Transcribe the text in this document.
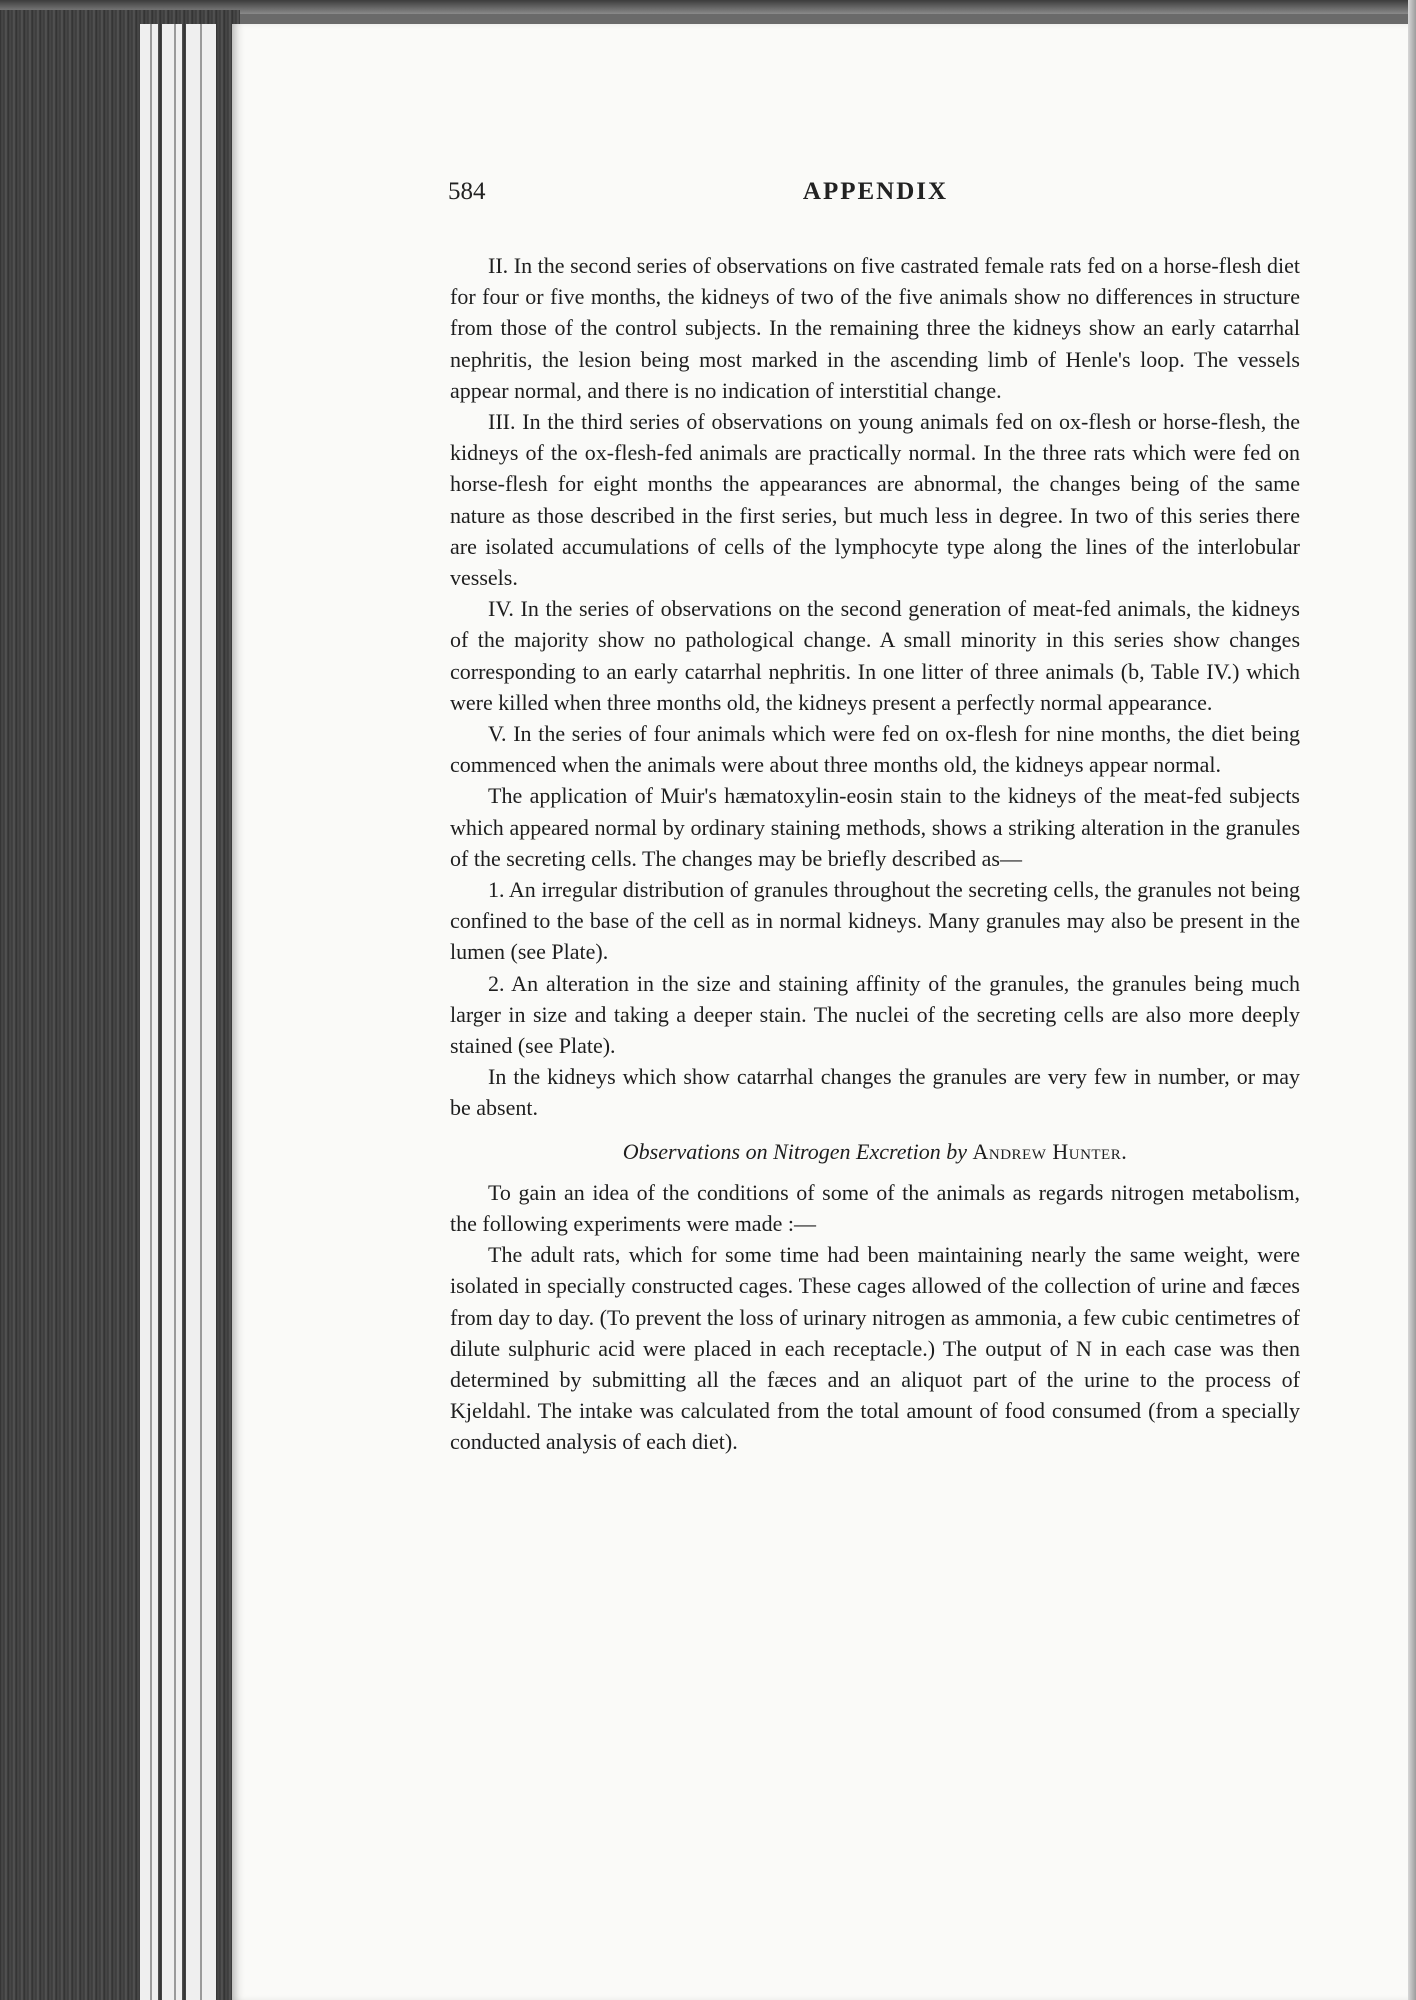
584	APPENDIX

II. In the second series of observations on five castrated female rats fed on a horse-flesh diet for four or five months, the kidneys of two of the five animals show no differences in structure from those of the control subjects. In the remaining three the kidneys show an early catarrhal nephritis, the lesion being most marked in the ascending limb of Henle's loop. The vessels appear normal, and there is no indication of interstitial change.

III. In the third series of observations on young animals fed on ox-flesh or horse-flesh, the kidneys of the ox-flesh-fed animals are practically normal. In the three rats which were fed on horse-flesh for eight months the appearances are abnormal, the changes being of the same nature as those described in the first series, but much less in degree. In two of this series there are isolated accumulations of cells of the lymphocyte type along the lines of the interlobular vessels.

IV. In the series of observations on the second generation of meat-fed animals, the kidneys of the majority show no pathological change. A small minority in this series show changes corresponding to an early catarrhal nephritis. In one litter of three animals (b, Table IV.) which were killed when three months old, the kidneys present a perfectly normal appearance.

V. In the series of four animals which were fed on ox-flesh for nine months, the diet being commenced when the animals were about three months old, the kidneys appear normal.

The application of Muir's hæmatoxylin-eosin stain to the kidneys of the meat-fed subjects which appeared normal by ordinary staining methods, shows a striking alteration in the granules of the secreting cells. The changes may be briefly described as—

1. An irregular distribution of granules throughout the secreting cells, the granules not being confined to the base of the cell as in normal kidneys. Many granules may also be present in the lumen (see Plate).

2. An alteration in the size and staining affinity of the granules, the granules being much larger in size and taking a deeper stain. The nuclei of the secreting cells are also more deeply stained (see Plate).

In the kidneys which show catarrhal changes the granules are very few in number, or may be absent.

Observations on Nitrogen Excretion by Andrew Hunter.

To gain an idea of the conditions of some of the animals as regards nitrogen metabolism, the following experiments were made :—

The adult rats, which for some time had been maintaining nearly the same weight, were isolated in specially constructed cages. These cages allowed of the collection of urine and fæces from day to day. (To prevent the loss of urinary nitrogen as ammonia, a few cubic centimetres of dilute sulphuric acid were placed in each receptacle.) The output of N in each case was then determined by submitting all the fæces and an aliquot part of the urine to the process of Kjeldahl. The intake was calculated from the total amount of food consumed (from a specially conducted analysis of each diet).
